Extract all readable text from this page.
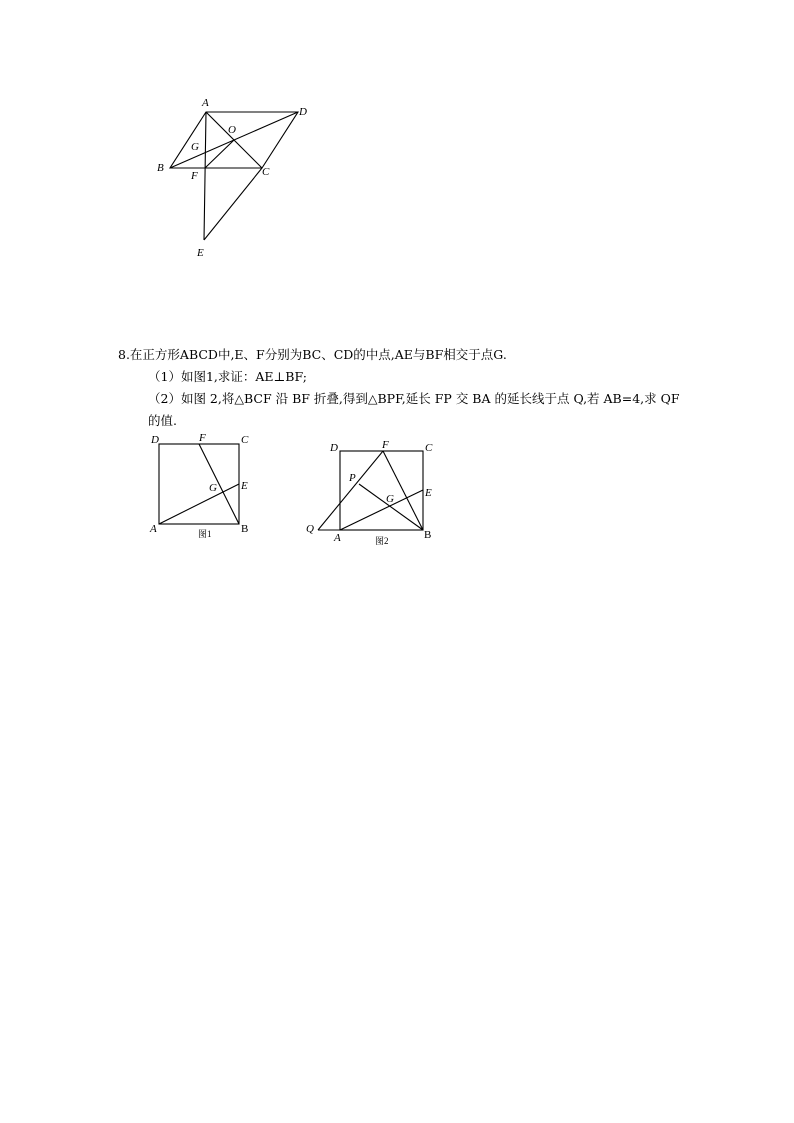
A
D
O
G
B
F	C
E
D	F	C
G E
A	B
图1
D	F	C
P
G	E
Q
A	B
图2

8.在正方形ABCD中,E、F分别为BC、CD的中点,AE与BF相交于点G.

（1）如图1,求证：AE⊥BF;

（2）如图 2,将△BCF 沿 BF 折叠,得到△BPF,延长 FP 交 BA 的延长线于点 Q,若 AB=4,求 QF

的值.
